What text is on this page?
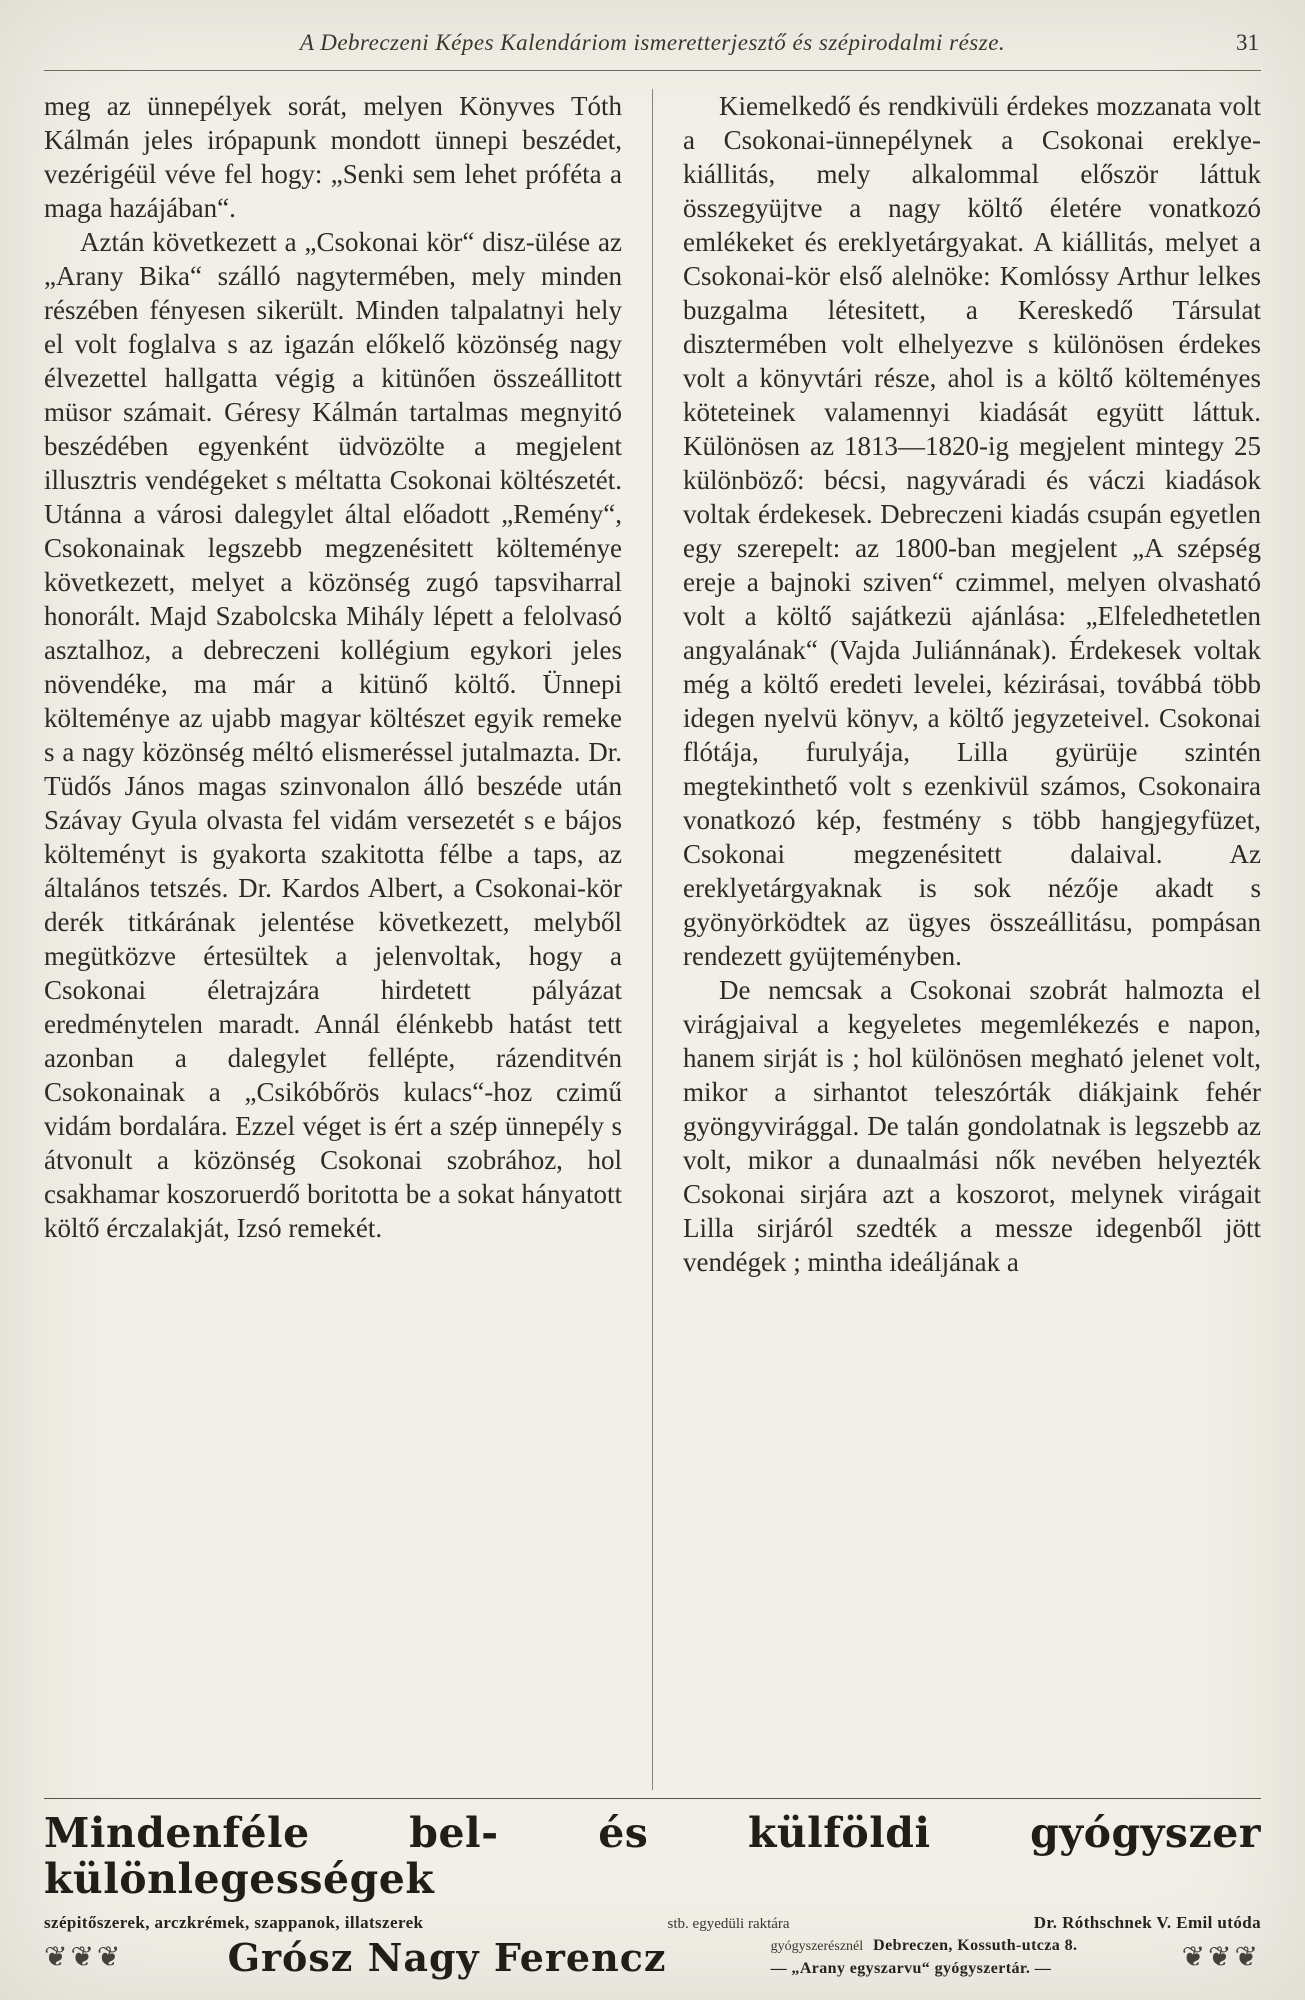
A Debreczeni Képes Kalendáriom ismeretterjesztő és szépirodalmi része.	31

meg az ünnepélyek sorát, melyen Könyves Tóth Kálmán jeles irópapunk mondott ünnepi beszédet, vezérigéül véve fel hogy: „Senki sem lehet próféta a maga hazájában“.

Aztán következett a „Csokonai kör“ disz-ülése az „Arany Bika“ szálló nagytermében, mely minden részében fényesen sikerült. Minden talpalatnyi hely el volt foglalva s az igazán előkelő közönség nagy élvezettel hallgatta végig a kitünően összeállitott müsor számait. Géresy Kálmán tartalmas megnyitó beszédében egyenként üdvözölte a megjelent illusztris vendégeket s méltatta Csokonai költészetét. Utánna a városi dalegylet által előadott „Remény“, Csokonainak legszebb megzenésitett költeménye következett, melyet a közönség zugó tapsviharral honorált. Majd Szabolcska Mihály lépett a felolvasó asztalhoz, a debreczeni kollégium egykori jeles növendéke, ma már a kitünő költő. Ünnepi költeménye az ujabb magyar költészet egyik remeke s a nagy közönség méltó elismeréssel jutalmazta. Dr. Tüdős János magas szinvonalon álló beszéde után Szávay Gyula olvasta fel vidám versezetét s e bájos költeményt is gyakorta szakitotta félbe a taps, az általános tetszés. Dr. Kardos Albert, a Csokonai-kör derék titkárának jelentése következett, melyből megütközve értesültek a jelenvoltak, hogy a Csokonai életrajzára hirdetett pályázat eredménytelen maradt. Annál élénkebb hatást tett azonban a dalegylet fellépte, rázenditvén Csokonainak a „Csikóbőrös kulacs“-hoz czimű vidám bordalára. Ezzel véget is ért a szép ünnepély s átvonult a közönség Csokonai szobrához, hol csakhamar koszoruerdő boritotta be a sokat hányatott költő érczalakját, Izsó remekét.

Kiemelkedő és rendkivüli érdekes mozzanata volt a Csokonai-ünnepélynek a Csokonai ereklye-kiállitás, mely alkalommal először láttuk összegyüjtve a nagy költő életére vonatkozó emlékeket és ereklyetárgyakat. A kiállitás, melyet a Csokonai-kör első alelnöke: Komlóssy Arthur lelkes buzgalma létesitett, a Kereskedő Társulat disztermében volt elhelyezve s különösen érdekes volt a könyvtári része, ahol is a költő költeményes köteteinek valamennyi kiadását együtt láttuk. Különösen az 1813—1820-ig megjelent mintegy 25 különböző: bécsi, nagyváradi és váczi kiadások voltak érdekesek. Debreczeni kiadás csupán egyetlen egy szerepelt: az 1800-ban megjelent „A szépség ereje a bajnoki sziven“ czimmel, melyen olvasható volt a költő sajátkezü ajánlása: „Elfeledhetetlen angyalának“ (Vajda Juliánnának). Érdekesek voltak még a költő eredeti levelei, kézirásai, továbbá több idegen nyelvü könyv, a költő jegyzeteivel. Csokonai flótája, furulyája, Lilla gyürüje szintén megtekinthető volt s ezenkivül számos, Csokonaira vonatkozó kép, festmény s több hangjegyfüzet, Csokonai megzenésitett dalaival. Az ereklyetárgyaknak is sok nézője akadt s gyönyörködtek az ügyes összeállitásu, pompásan rendezett gyüjteményben.

De nemcsak a Csokonai szobrát halmozta el virágjaival a kegyeletes megemlékezés e napon, hanem sirját is ; hol különösen megható jelenet volt, mikor a sirhantot teleszórták diákjaink fehér gyöngyvirággal. De talán gondolatnak is legszebb az volt, mikor a dunaalmási nők nevében helyezték Csokonai sirjára azt a koszorot, melynek virágait Lilla sirjáról szedték a messze idegenből jött vendégek ; mintha ideáljának a

Mindenféle bel- és külföldi gyógyszer különlegességek
szépitőszerek, arczkrémek, szappanok, illatszerek	stb. egyedüli raktára	Dr. Róthschnek V. Emil utóda
❦❦❦	Grósz Nagy Ferencz	gyógyszerésznél Debreczen, Kossuth-utcza 8.
— „Arany egyszarvu“ gyógyszertár. —	❦❦❦
